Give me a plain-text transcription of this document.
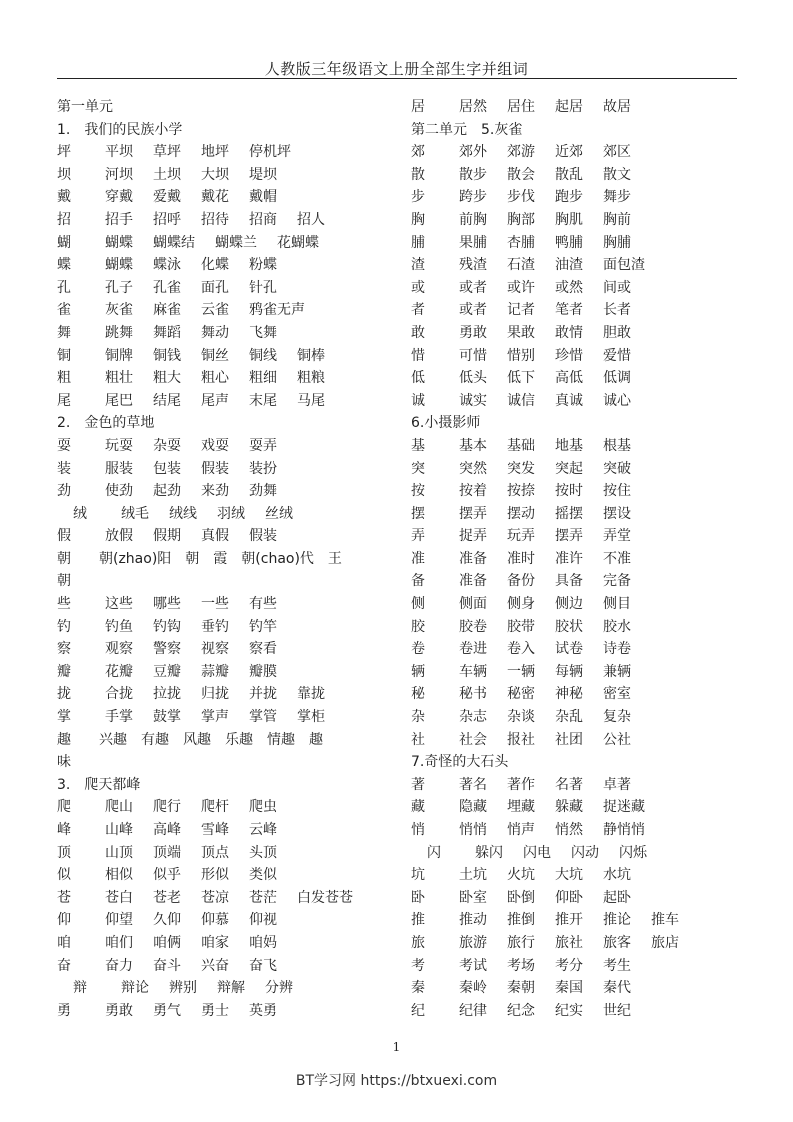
人教版三年级语文上册全部生字并组词
第一单元
1.　我们的民族小学
坪 平坝 草坪 地坪 停机坪
坝 河坝 土坝 大坝 堤坝
戴 穿戴 爱戴 戴花 戴帽
招 招手 招呼 招待 招商 招人
蝴 蝴蝶 蝴蝶结 蝴蝶兰 花蝴蝶
蝶 蝴蝶 蝶泳 化蝶 粉蝶
孔 孔子 孔雀 面孔 针孔
雀 灰雀 麻雀 云雀 鸦雀无声
舞 跳舞 舞蹈 舞动 飞舞
铜 铜牌 铜钱 铜丝 铜线 铜棒
粗 粗壮 粗大 粗心 粗细 粗粮
尾 尾巴 结尾 尾声 末尾 马尾
2.　金色的草地
耍 玩耍 杂耍 戏耍 耍弄
装 服装 包装 假装 装扮
劲 使劲 起劲 来劲 劲舞
绒 绒毛 绒线 羽绒 丝绒
假 放假 假期 真假 假装
朝　　朝(zhao)阳　朝　霞　朝(chao)代　王
朝
些 这些 哪些 一些 有些
钓 钓鱼 钓钩 垂钓 钓竿
察 观察 警察 视察 察看
瓣 花瓣 豆瓣 蒜瓣 瓣膜
拢 合拢 拉拢 归拢 并拢 靠拢
掌 手掌 鼓掌 掌声 掌管 掌柜
趣　　兴趣　有趣　风趣　乐趣　情趣　趣
味
3.　爬天都峰
爬 爬山 爬行 爬杆 爬虫
峰 山峰 高峰 雪峰 云峰
顶 山顶 顶端 顶点 头顶
似 相似 似乎 形似 类似
苍 苍白 苍老 苍凉 苍茫 白发苍苍
仰 仰望 久仰 仰慕 仰视
咱 咱们 咱俩 咱家 咱妈
奋 奋力 奋斗 兴奋 奋飞
辩 辩论 辨别 辩解 分辨
勇 勇敢 勇气 勇士 英勇
居 居然 居住 起居 故居
第二单元　5.灰雀
郊 郊外 郊游 近郊 郊区
散 散步 散会 散乱 散文
步 跨步 步伐 跑步 舞步
胸 前胸 胸部 胸肌 胸前
脯 果脯 杏脯 鸭脯 胸脯
渣 残渣 石渣 油渣 面包渣
或 或者 或许 或然 间或
者 或者 记者 笔者 长者
敢 勇敢 果敢 敢情 胆敢
惜 可惜 惜别 珍惜 爱惜
低 低头 低下 高低 低调
诚 诚实 诚信 真诚 诚心
6.小摄影师
基 基本 基础 地基 根基
突 突然 突发 突起 突破
按 按着 按捺 按时 按住
摆 摆弄 摆动 摇摆 摆设
弄 捉弄 玩弄 摆弄 弄堂
准 准备 准时 准许 不准
备 准备 备份 具备 完备
侧 侧面 侧身 侧边 侧目
胶 胶卷 胶带 胶状 胶水
卷 卷进 卷入 试卷 诗卷
辆 车辆 一辆 每辆 兼辆
秘 秘书 秘密 神秘 密室
杂 杂志 杂谈 杂乱 复杂
社 社会 报社 社团 公社
7.奇怪的大石头
著 著名 著作 名著 卓著
藏 隐藏 埋藏 躲藏 捉迷藏
悄 悄悄 悄声 悄然 静悄悄
闪 躲闪 闪电 闪动 闪烁
坑 土坑 火坑 大坑 水坑
卧 卧室 卧倒 仰卧 起卧
推 推动 推倒 推开 推论 推车
旅 旅游 旅行 旅社 旅客 旅店
考 考试 考场 考分 考生
秦 秦岭 秦朝 秦国 秦代
纪 纪律 纪念 纪实 世纪
1
BT学习网 https://btxuexi.com
